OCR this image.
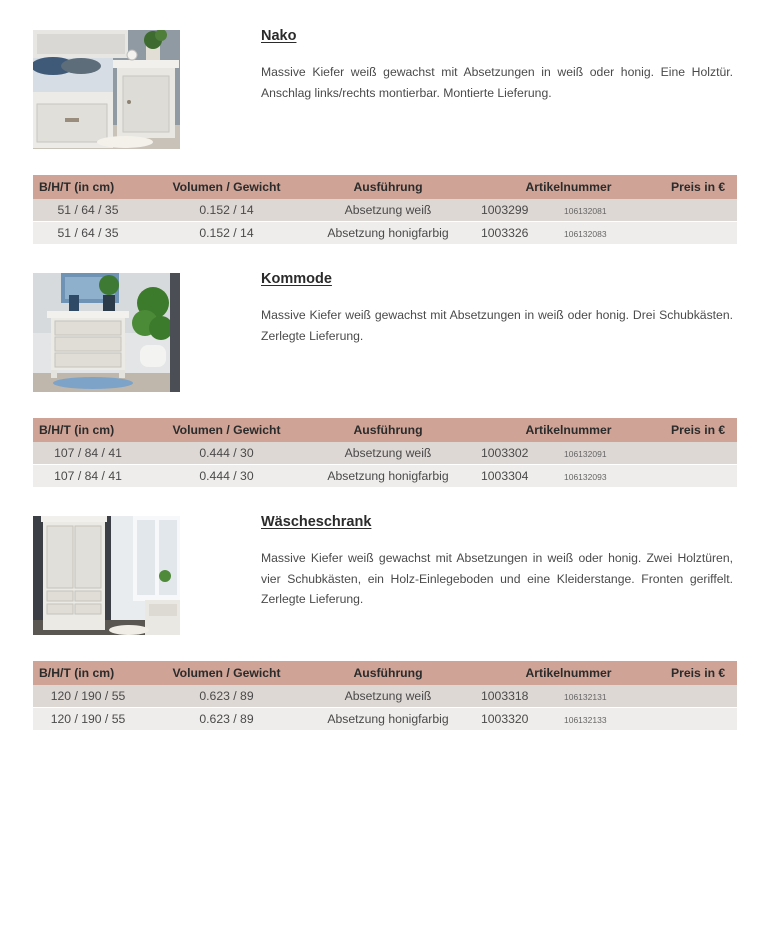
Nako
Massive Kiefer weiß gewachst mit Absetzungen in weiß oder honig. Eine Holztür. Anschlag links/rechts montierbar. Montierte Lieferung.
B/H/T (in cm)	Volumen / Gewicht	Ausführung	Artikelnummer	Preis in €
51 / 64 / 35	0.152 / 14	Absetzung weiß	1003299 106132081	
51 / 64 / 35	0.152 / 14	Absetzung honigfarbig	1003326 106132083	
Kommode
Massive Kiefer weiß gewachst mit Absetzungen in weiß oder honig. Drei Schubkästen. Zerlegte Lieferung.
B/H/T (in cm)	Volumen / Gewicht	Ausführung	Artikelnummer	Preis in €
107 / 84 / 41	0.444 / 30	Absetzung weiß	1003302 106132091	
107 / 84 / 41	0.444 / 30	Absetzung honigfarbig	1003304 106132093	
Wäscheschrank
Massive Kiefer weiß gewachst mit Absetzungen in weiß oder honig. Zwei Holztüren, vier Schubkästen, ein Holz-Einlegeboden und eine Kleiderstange. Fronten geriffelt. Zerlegte Lieferung.
B/H/T (in cm)	Volumen / Gewicht	Ausführung	Artikelnummer	Preis in €
120 / 190 / 55	0.623 / 89	Absetzung weiß	1003318 106132131	
120 / 190 / 55	0.623 / 89	Absetzung honigfarbig	1003320 106132133	
